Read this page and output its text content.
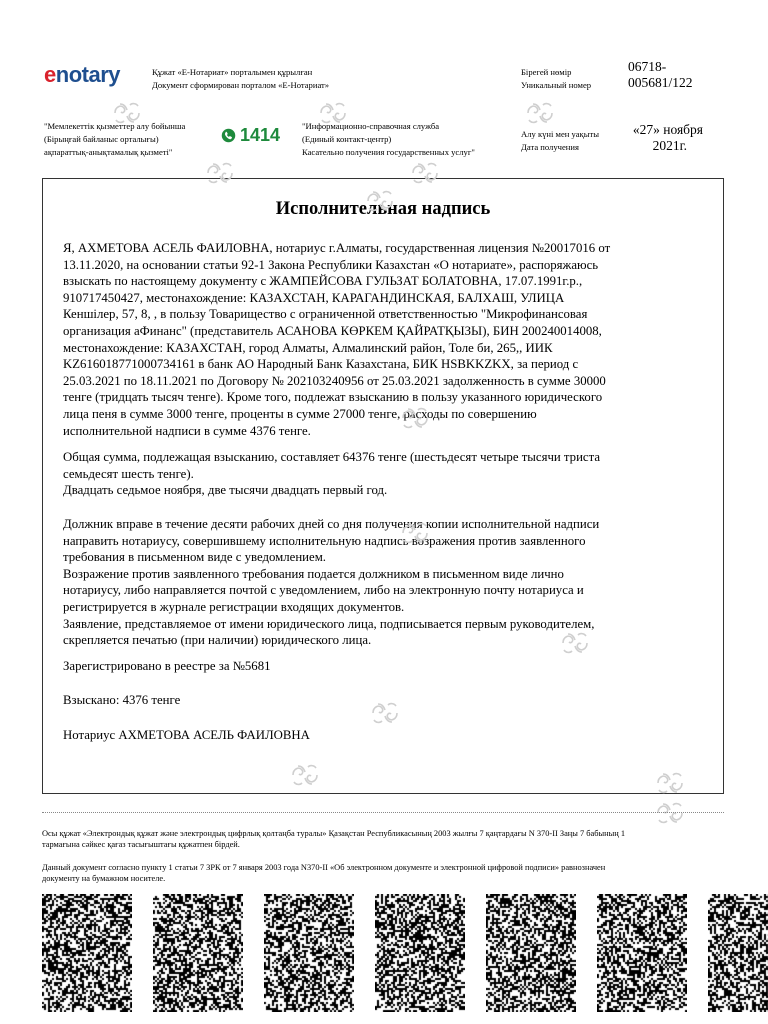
enotary	Құжат «Е-Нотариат» порталымен құрылған
Документ сформирован порталом «Е-Нотариат»
Бірегей нөмір
Уникальный номер
06718-
005681/122
"Мемлекеттік қызметтер алу бойынша
(Бірыңғай байланыс орталығы)
ақпараттық-анықтамалық қызметі"
1414	"Информационно-справочная служба
(Единый контакт-центр)
Касательно получения государственных услуг"
Алу күні мен уақыты
Дата получения
«27» ноября
2021г.
Исполнительная надпись
Я, АХМЕТОВА АСЕЛЬ ФАИЛОВНА, нотариус г.Алматы, государственная лицензия №20017016 от
13.11.2020, на основании статьи 92-1 Закона Республики Казахстан «О нотариате», распоряжаюсь
взыскать по настоящему документу с ЖАМПЕЙСОВА ГУЛЬЗАТ БОЛАТОВНА, 17.07.1991г.р.,
910717450427, местонахождение: КАЗАХСТАН, КАРАГАНДИНСКАЯ, БАЛХАШ, УЛИЦА
Кеншілер, 57, 8, , в пользу Товарищество с ограниченной ответственностью "Микрофинансовая
организация аФинанс" (представитель АСАНОВА КӨРКЕМ ҚАЙРАТҚЫЗЫ), БИН 200240014008,
местонахождение: КАЗАХСТАН, город Алматы, Алмалинский район, Толе би, 265,, ИИК
KZ616018771000734161 в банк АО Народный Банк Казахстана, БИК HSBKKZKX, за период с
25.03.2021 по 18.11.2021 по Договору № 202103240956 от 25.03.2021 задолженность в сумме 30000
тенге (тридцать тысяч тенге). Кроме того, подлежат взысканию в пользу указанного юридического
лица пеня в сумме 3000 тенге, проценты в сумме 27000 тенге, расходы по совершению
исполнительной надписи в сумме 4376 тенге.
Общая сумма, подлежащая взысканию, составляет 64376 тенге (шестьдесят четыре тысячи триста
семьдесят шесть тенге).
Двадцать седьмое ноября, две тысячи двадцать первый год.
Должник вправе в течение десяти рабочих дней со дня получения копии исполнительной надписи
направить нотариусу, совершившему исполнительную надпись возражения против заявленного
требования в письменном виде с уведомлением.
Возражение против заявленного требования подается должником в письменном виде лично
нотариусу, либо направляется почтой с уведомлением, либо на электронную почту нотариуса и
регистрируется в журнале регистрации входящих документов.
Заявление, представляемое от имени юридического лица, подписывается первым руководителем,
скрепляется печатью (при наличии) юридического лица.
Зарегистрировано в реестре за №5681
Взыскано: 4376 тенге
Нотариус АХМЕТОВА АСЕЛЬ ФАИЛОВНА
Осы құжат «Электрондық құжат және электрондық цифрлық қолтаңба туралы» Қазақстан Республикасының 2003 жылғы 7 қаңтардағы N 370-II Заңы 7 бабының 1
тармағына сәйкес қағаз тасығыштағы құжатпен бірдей.
Данный документ согласно пункту 1 статьи 7 ЗРК от 7 января 2003 года N370-II «Об электронном документе и электронной цифровой подписи» равнозначен
документу на бумажном носителе.
